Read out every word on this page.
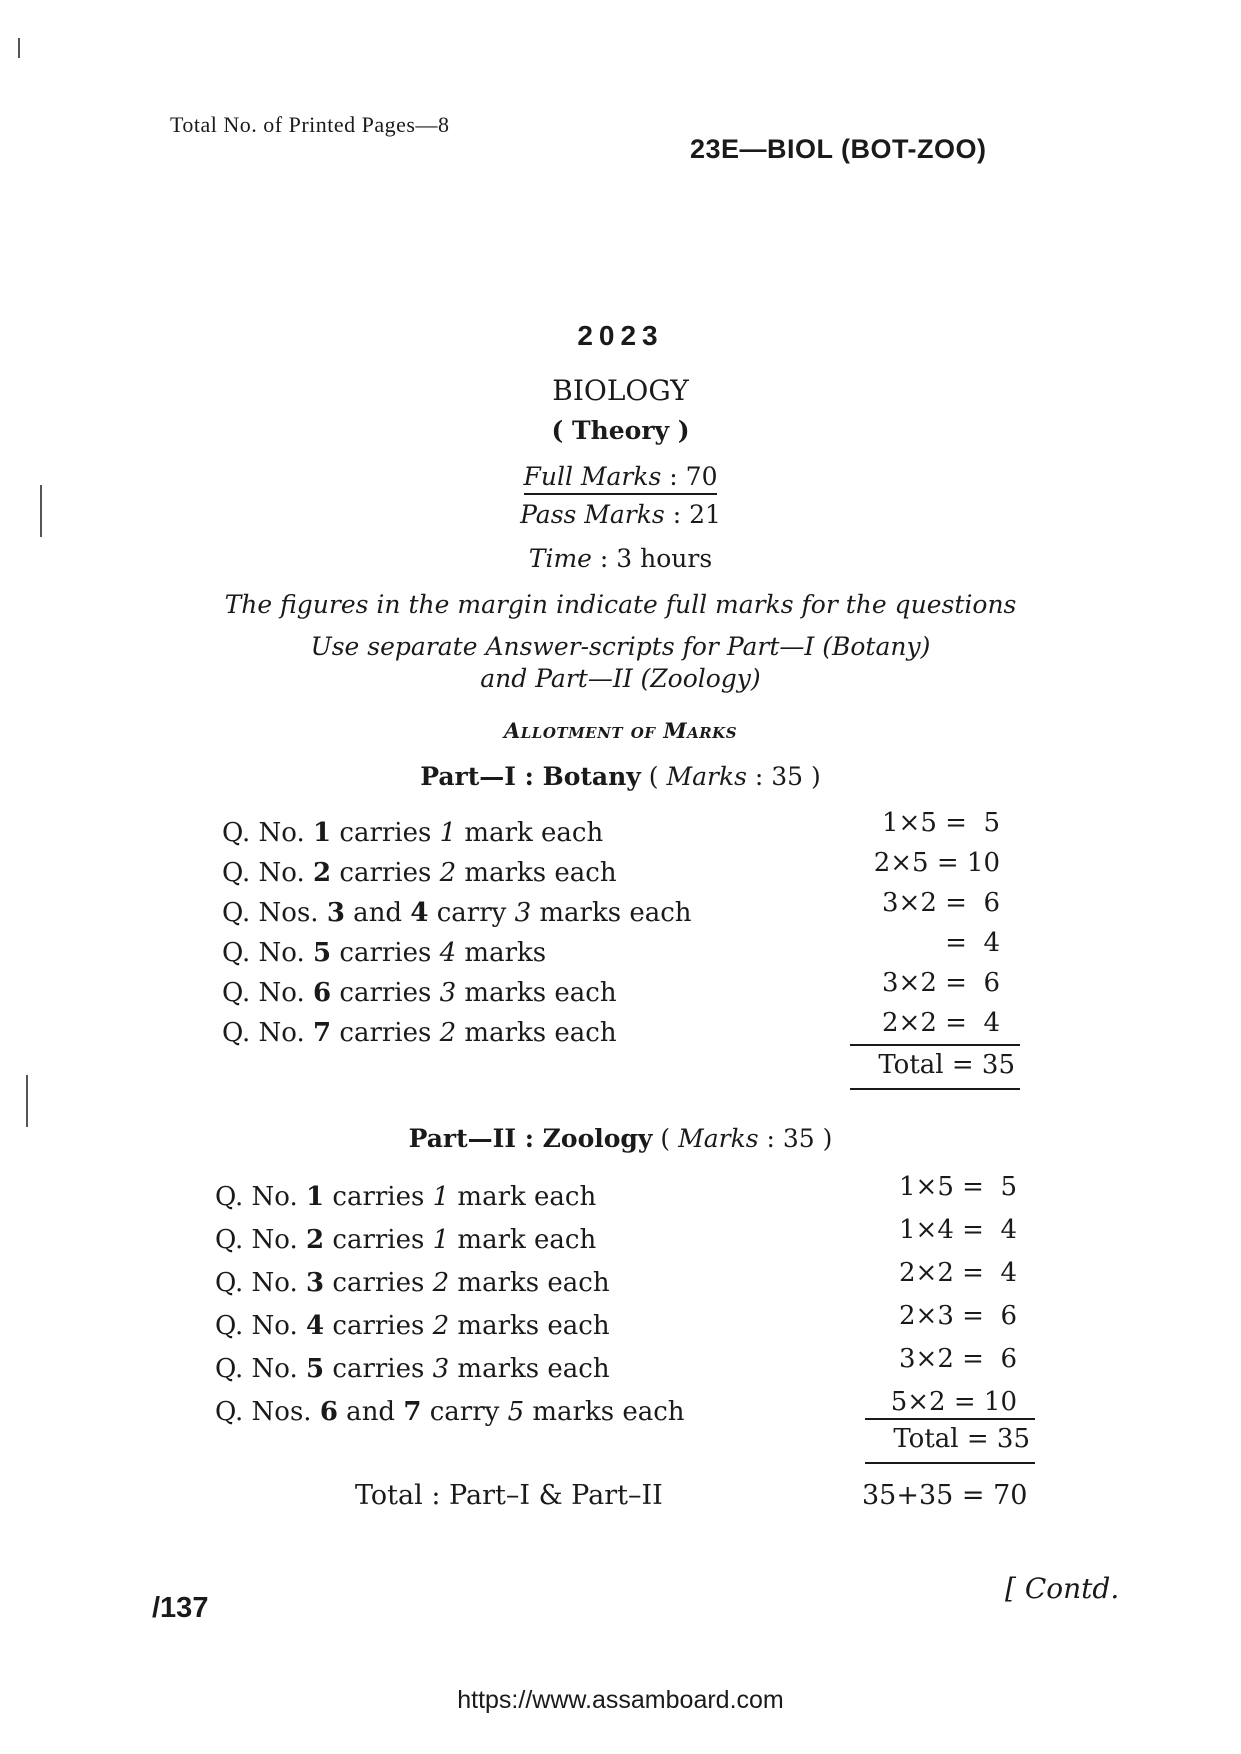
Total No. of Printed Pages—8
23E—BIOL (BOT-ZOO)
2023
BIOLOGY
( Theory )
Full Marks : 70
Pass Marks : 21
Time : 3 hours
The figures in the margin indicate full marks for the questions
Use separate Answer-scripts for Part—I (Botany)
and Part—II (Zoology)
Allotment of Marks
Part—I : Botany ( Marks : 35 )
Q. No. 1 carries 1 mark each	1×5 =  5
Q. No. 2 carries 2 marks each	2×5 = 10
Q. Nos. 3 and 4 carry 3 marks each	3×2 =  6
Q. No. 5 carries 4 marks	=  4
Q. No. 6 carries 3 marks each	3×2 =  6
Q. No. 7 carries 2 marks each	2×2 =  4
Total = 35
Part—II : Zoology ( Marks : 35 )
Q. No. 1 carries 1 mark each	1×5 =  5
Q. No. 2 carries 1 mark each	1×4 =  4
Q. No. 3 carries 2 marks each	2×2 =  4
Q. No. 4 carries 2 marks each	2×3 =  6
Q. No. 5 carries 3 marks each	3×2 =  6
Q. Nos. 6 and 7 carry 5 marks each	5×2 = 10
Total = 35
Total : Part–I & Part–II	35+35 = 70
/137
[ Contd.
https://www.assamboard.com
